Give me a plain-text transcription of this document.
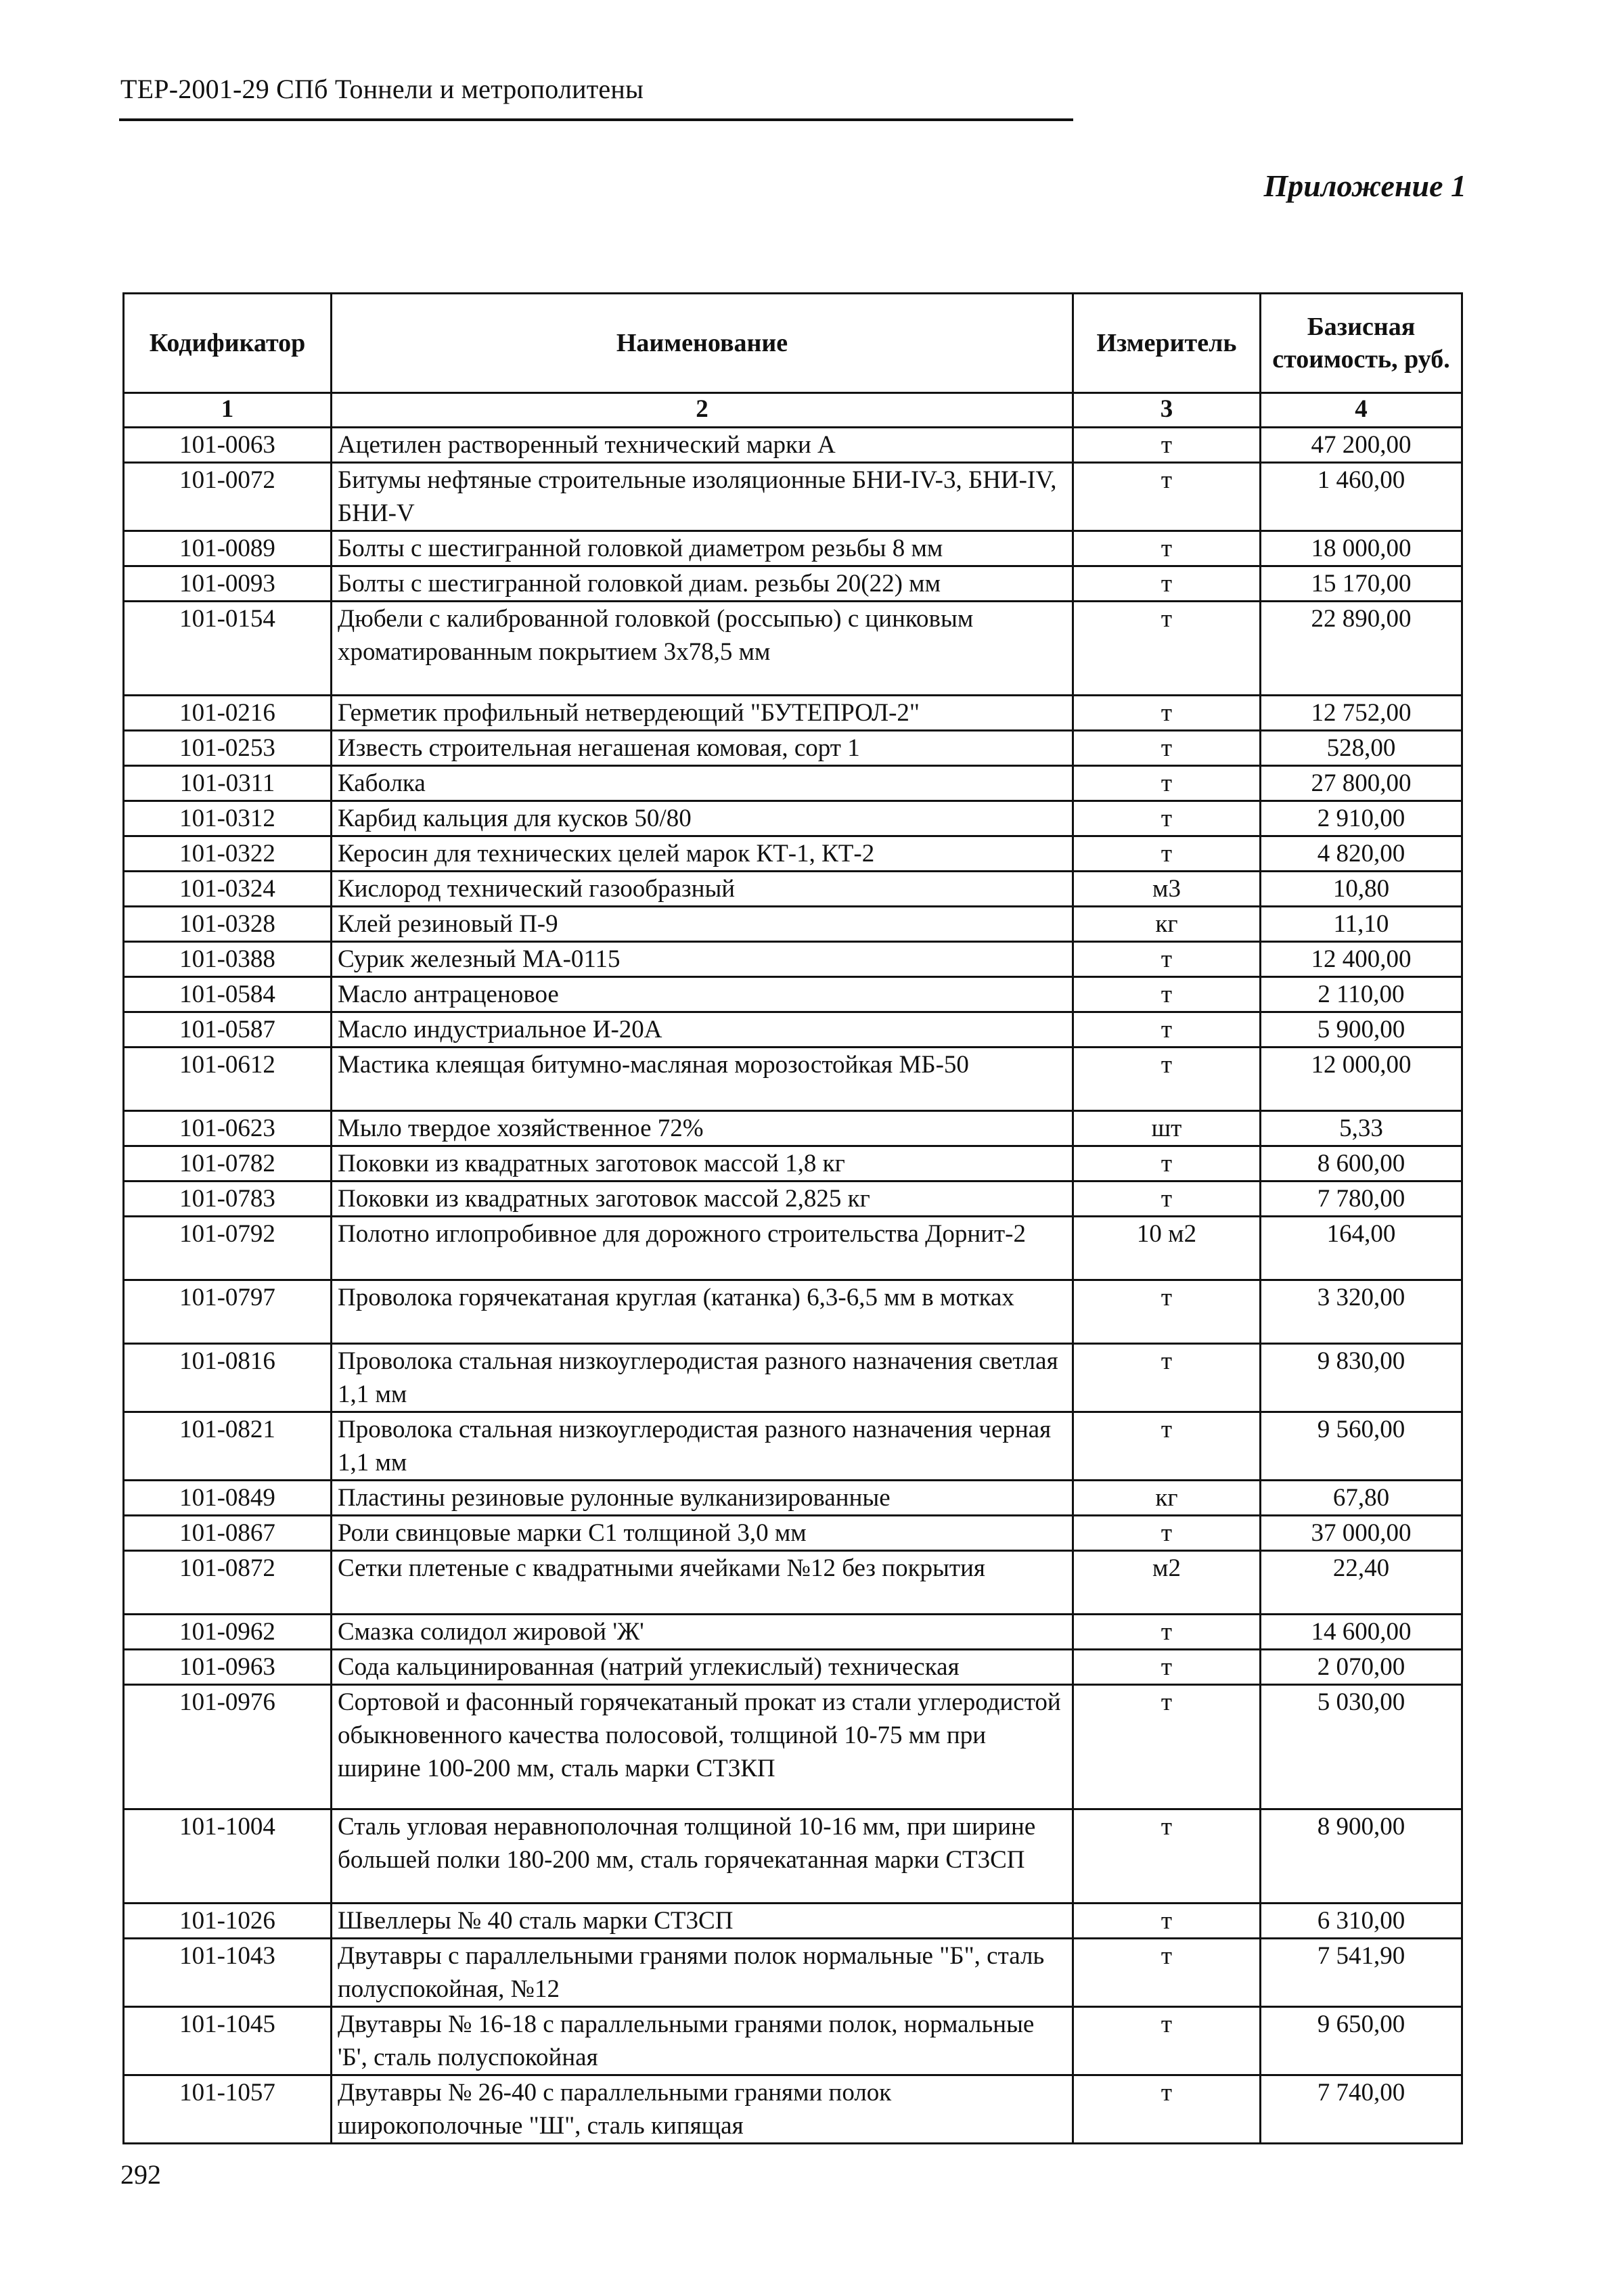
ТЕР-2001-29 СПб Тоннели и метрополитены
Приложение 1
Кодификатор	Наименование	Измеритель	Базисная стоимость, руб.
1	2	3	4
101-0063	Ацетилен растворенный технический марки А	т	47 200,00
101-0072	Битумы нефтяные строительные изоляционные БНИ-IV-3, БНИ-IV, БНИ-V	т	1 460,00
101-0089	Болты с шестигранной головкой диаметром резьбы 8 мм	т	18 000,00
101-0093	Болты с шестигранной головкой диам. резьбы 20(22) мм	т	15 170,00
101-0154	Дюбели с калиброванной головкой (россыпью) с цинковым хроматированным покрытием 3х78,5 мм	т	22 890,00
101-0216	Герметик профильный нетвердеющий "БУТЕПРОЛ-2"	т	12 752,00
101-0253	Известь строительная негашеная комовая, сорт 1	т	528,00
101-0311	Каболка	т	27 800,00
101-0312	Карбид кальция для кусков 50/80	т	2 910,00
101-0322	Керосин для технических целей марок КТ-1, КТ-2	т	4 820,00
101-0324	Кислород технический газообразный	м3	10,80
101-0328	Клей резиновый П-9	кг	11,10
101-0388	Сурик железный МА-0115	т	12 400,00
101-0584	Масло антраценовое	т	2 110,00
101-0587	Масло индустриальное И-20А	т	5 900,00
101-0612	Мастика клеящая битумно-масляная морозостойкая МБ-50	т	12 000,00
101-0623	Мыло твердое хозяйственное 72%	шт	5,33
101-0782	Поковки из квадратных заготовок массой 1,8 кг	т	8 600,00
101-0783	Поковки из квадратных заготовок массой 2,825 кг	т	7 780,00
101-0792	Полотно иглопробивное для дорожного строительства Дорнит-2	10 м2	164,00
101-0797	Проволока горячекатаная круглая (катанка) 6,3-6,5 мм в мотках	т	3 320,00
101-0816	Проволока стальная низкоуглеродистая разного назначения светлая 1,1 мм	т	9 830,00
101-0821	Проволока стальная низкоуглеродистая разного назначения черная 1,1 мм	т	9 560,00
101-0849	Пластины резиновые рулонные вулканизированные	кг	67,80
101-0867	Роли свинцовые марки С1 толщиной 3,0 мм	т	37 000,00
101-0872	Сетки плетеные с квадратными ячейками №12 без покрытия	м2	22,40
101-0962	Смазка солидол жировой 'Ж'	т	14 600,00
101-0963	Сода кальцинированная (натрий углекислый) техническая	т	2 070,00
101-0976	Сортовой и фасонный горячекатаный прокат из стали углеродистой обыкновенного качества полосовой, толщиной 10-75 мм при ширине 100-200 мм, сталь марки СТ3КП	т	5 030,00
101-1004	Сталь угловая неравнополочная толщиной 10-16 мм, при ширине большей полки 180-200 мм, сталь горячекатанная марки СТ3СП	т	8 900,00
101-1026	Швеллеры № 40 сталь марки СТ3СП	т	6 310,00
101-1043	Двутавры с параллельными гранями полок нормальные "Б", сталь полуспокойная, №12	т	7 541,90
101-1045	Двутавры № 16-18 с параллельными гранями полок, нормальные 'Б', сталь полуспокойная	т	9 650,00
101-1057	Двутавры № 26-40 с параллельными гранями полок широкополочные "Ш", сталь кипящая	т	7 740,00
292
